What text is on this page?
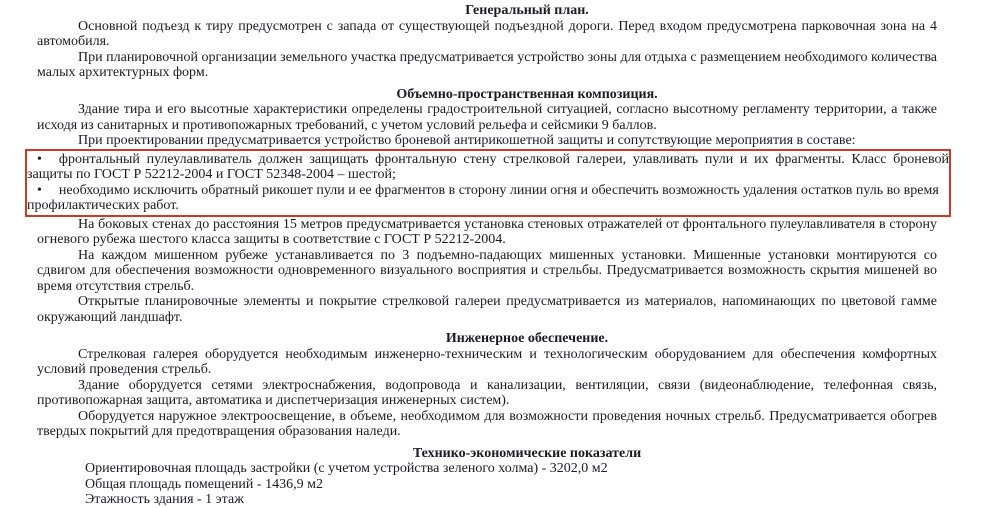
Генеральный план.

Основной подъезд к тиру предусмотрен с запада от существующей подъездной дороги. Перед входом предусмотрена парковочная зона на 4 автомобиля.

При планировочной организации земельного участка предусматривается устройство зоны для отдыха с размещением необходимого количества малых архитектурных форм.

Объемно-пространственная композиция.

Здание тира и его высотные характеристики определены градостроительной ситуацией, согласно высотному регламенту территории, а также исходя из санитарных и противопожарных требований, с учетом условий рельефа и сейсмики 9 баллов.

При проектировании предусматривается устройство броневой антирикошетной защиты и сопутствующие мероприятия в составе:

• фронтальный пулеулавливатель должен защищать фронтальную стену стрелковой галереи, улавливать пули и их фрагменты. Класс броневой защиты по ГОСТ Р 52212-2004 и ГОСТ 52348-2004 – шестой;

• необходимо исключить обратный рикошет пули и ее фрагментов в сторону линии огня и обеспечить возможность удаления остатков пуль во время профилактических работ.

На боковых стенах до расстояния 15 метров предусматривается установка стеновых отражателей от фронтального пулеулавливателя в сторону огневого рубежа шестого класса защиты в соответствие с ГОСТ Р 52212-2004.

На каждом мишенном рубеже устанавливается по 3 подъемно-падающих мишенных установки. Мишенные установки монтируются со сдвигом для обеспечения возможности одновременного визуального восприятия и стрельбы. Предусматривается возможность скрытия мишеней во время отсутствия стрельб.

Открытые планировочные элементы и покрытие стрелковой галереи предусматривается из материалов, напоминающих по цветовой гамме окружающий ландшафт.

Инженерное обеспечение.

Стрелковая галерея оборудуется необходимым инженерно-техническим и технологическим оборудованием для обеспечения комфортных условий проведения стрельб.

Здание оборудуется сетями электроснабжения, водопровода и канализации, вентиляции, связи (видеонаблюдение, телефонная связь, противопожарная защита, автоматика и диспетчеризация инженерных систем).

Оборудуется наружное электроосвещение, в объеме, необходимом для возможности проведения ночных стрельб. Предусматривается обогрев твердых покрытий для предотвращения образования наледи.

Технико-экономические показатели

Ориентировочная площадь застройки (с учетом устройства зеленого холма) - 3202,0 м2

Общая площадь помещений - 1436,9 м2

Этажность здания - 1 этаж
